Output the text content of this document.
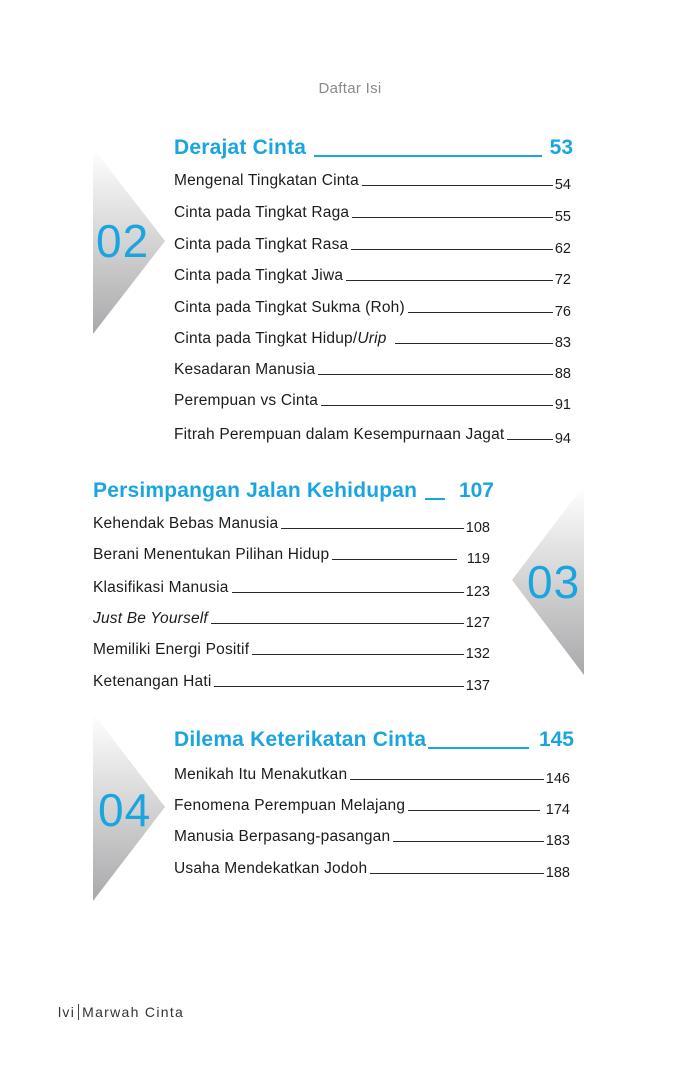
Daftar Isi
02
Derajat Cinta	53
Mengenal Tingkatan Cinta	54
Cinta pada Tingkat Raga	55
Cinta pada Tingkat Rasa	62
Cinta pada Tingkat Jiwa	72
Cinta pada Tingkat Sukma (Roh)	76
Cinta pada Tingkat Hidup/Urip	83
Kesadaran Manusia	88
Perempuan vs Cinta	91
Fitrah Perempuan dalam Kesempurnaan Jagat	94
03
Persimpangan Jalan Kehidupan 107
Kehendak Bebas Manusia	108
Berani Menentukan Pilihan Hidup	119
Klasifikasi Manusia	123
Just Be Yourself	127
Memiliki Energi Positif	132
Ketenangan Hati	137
04
Dilema Keterikatan Cinta	145
Menikah Itu Menakutkan	146
Fenomena Perempuan Melajang	174
Manusia Berpasang-pasangan	183
Usaha Mendekatkan Jodoh	188
lvi Marwah Cinta
